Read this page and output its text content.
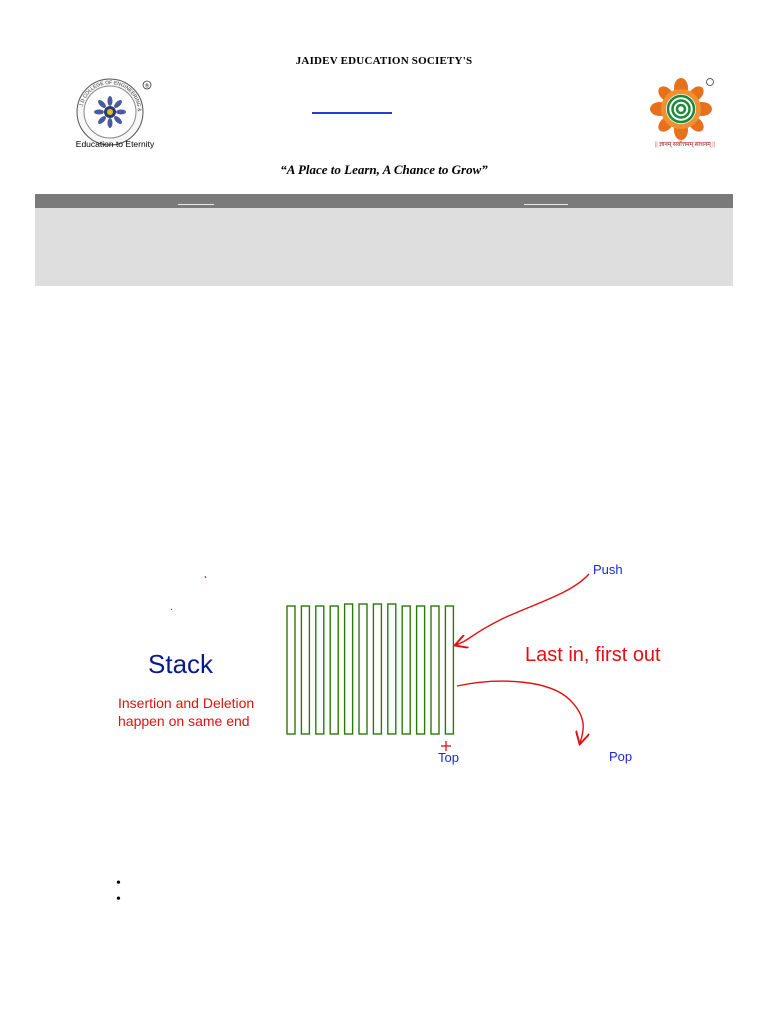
JAIDEV EDUCATION SOCIETY'S
J D COLLEGE OF ENGINEERING &
®
Education to Eternity	|| ज्ञानम् सर्वोत्तमम् साधनम् ||
“A Place to Learn, A Chance to Grow”
Stack
Insertion and Deletion
happen on same end
Last in, first out
Push
Pop
Top
•
•
